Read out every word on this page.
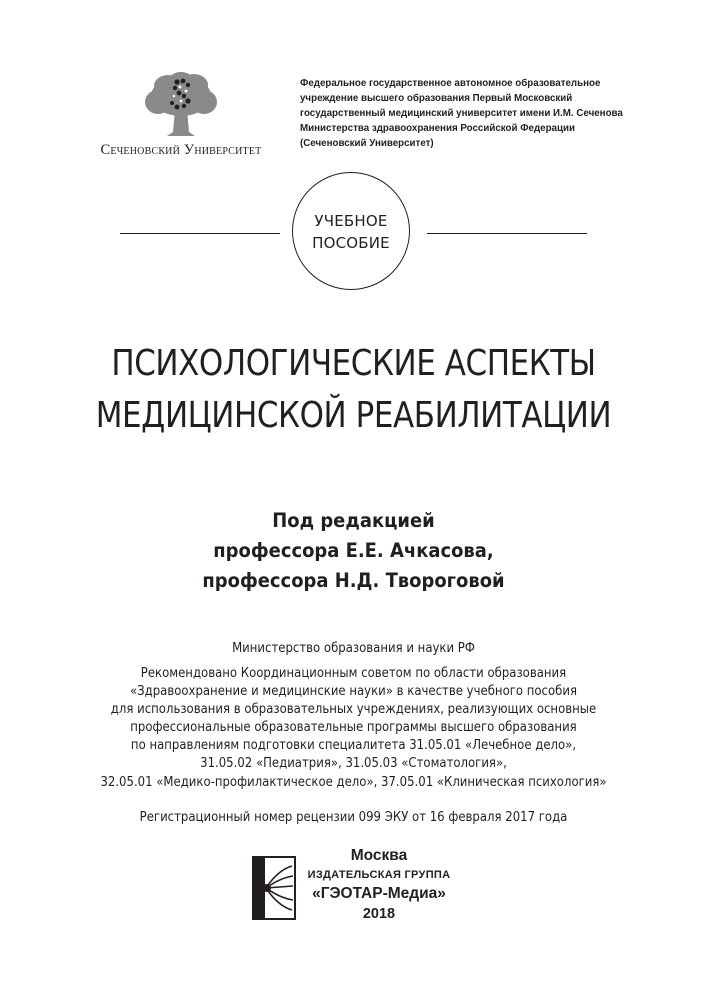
Сеченовский Университет
Федеральное государственное автономное образовательное
учреждение высшего образования Первый Московский
государственный медицинский университет имени И.М. Сеченова
Министерства здравоохранения Российской Федерации
(Сеченовский Университет)
УЧЕБНОЕ
ПОСОБИЕ
ПСИХОЛОГИЧЕСКИЕ АСПЕКТЫ
МЕДИЦИНСКОЙ РЕАБИЛИТАЦИИ
Под редакцией
профессора Е.Е. Ачкасова,
профессора Н.Д. Твороговой
Министерство образования и науки РФ
Рекомендовано Координационным советом по области образования
«Здравоохранение и медицинские науки» в качестве учебного пособия
для использования в образовательных учреждениях, реализующих основные
профессиональные образовательные программы высшего образования
по направлениям подготовки специалитета 31.05.01 «Лечебное дело»,
31.05.02 «Педиатрия», 31.05.03 «Стоматология»,
32.05.01 «Медико-профилактическое дело», 37.05.01 «Клиническая психология»
Регистрационный номер рецензии 099 ЭКУ от 16 февраля 2017 года
Москва
ИЗДАТЕЛЬСКАЯ ГРУППА
«ГЭОТАР-Медиа»
2018
